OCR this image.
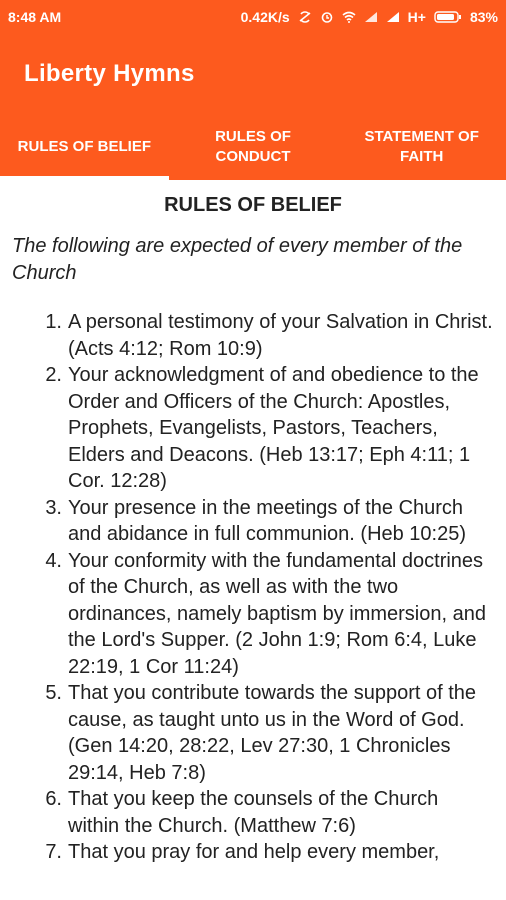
8:48 AM	0.42K/s	H+	83%
Liberty Hymns
RULES OF BELIEF
RULES OF CONDUCT
STATEMENT OF FAITH
RULES OF BELIEF
The following are expected of every member of the Church
1. A personal testimony of your Salvation in Christ. (Acts 4:12; Rom 10:9)
2. Your acknowledgment of and obedience to the Order and Officers of the Church: Apostles, Prophets, Evangelists, Pastors, Teachers, Elders and Deacons. (Heb 13:17; Eph 4:11; 1 Cor. 12:28)
3. Your presence in the meetings of the Church and abidance in full communion. (Heb 10:25)
4. Your conformity with the fundamental doctrines of the Church, as well as with the two ordinances, namely baptism by immersion, and the Lord's Supper. (2 John 1:9; Rom 6:4, Luke 22:19, 1 Cor 11:24)
5. That you contribute towards the support of the cause, as taught unto us in the Word of God. (Gen 14:20, 28:22, Lev 27:30, 1 Chronicles 29:14, Heb 7:8)
6. That you keep the counsels of the Church within the Church. (Matthew 7:6)
7. That you pray for and help every member,
